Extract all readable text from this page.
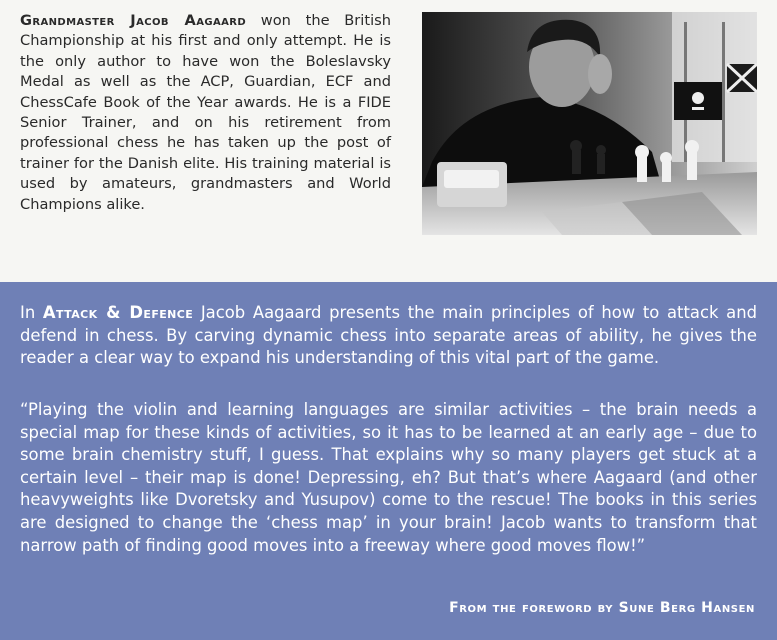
Grandmaster Jacob Aagaard won the British Championship at his first and only attempt. He is the only author to have won the Boleslavsky Medal as well as the ACP, Guardian, ECF and ChessCafe Book of the Year awards. He is a FIDE Senior Trainer, and on his retirement from professional chess he has taken up the post of trainer for the Danish elite. His training material is used by amateurs, grandmasters and World Champions alike.

In Attack & Defence Jacob Aagaard presents the main principles of how to attack and defend in chess. By carving dynamic chess into separate areas of ability, he gives the reader a clear way to expand his understanding of this vital part of the game.

“Playing the violin and learning languages are similar activities – the brain needs a special map for these kinds of activities, so it has to be learned at an early age – due to some brain chemistry stuff, I guess. That explains why so many players get stuck at a certain level – their map is done! Depressing, eh? But that’s where Aagaard (and other heavyweights like Dvoretsky and Yusupov) come to the rescue! The books in this series are designed to change the ‘chess map’ in your brain! Jacob wants to transform that narrow path of finding good moves into a freeway where good moves flow!”

From the foreword by Sune Berg Hansen
